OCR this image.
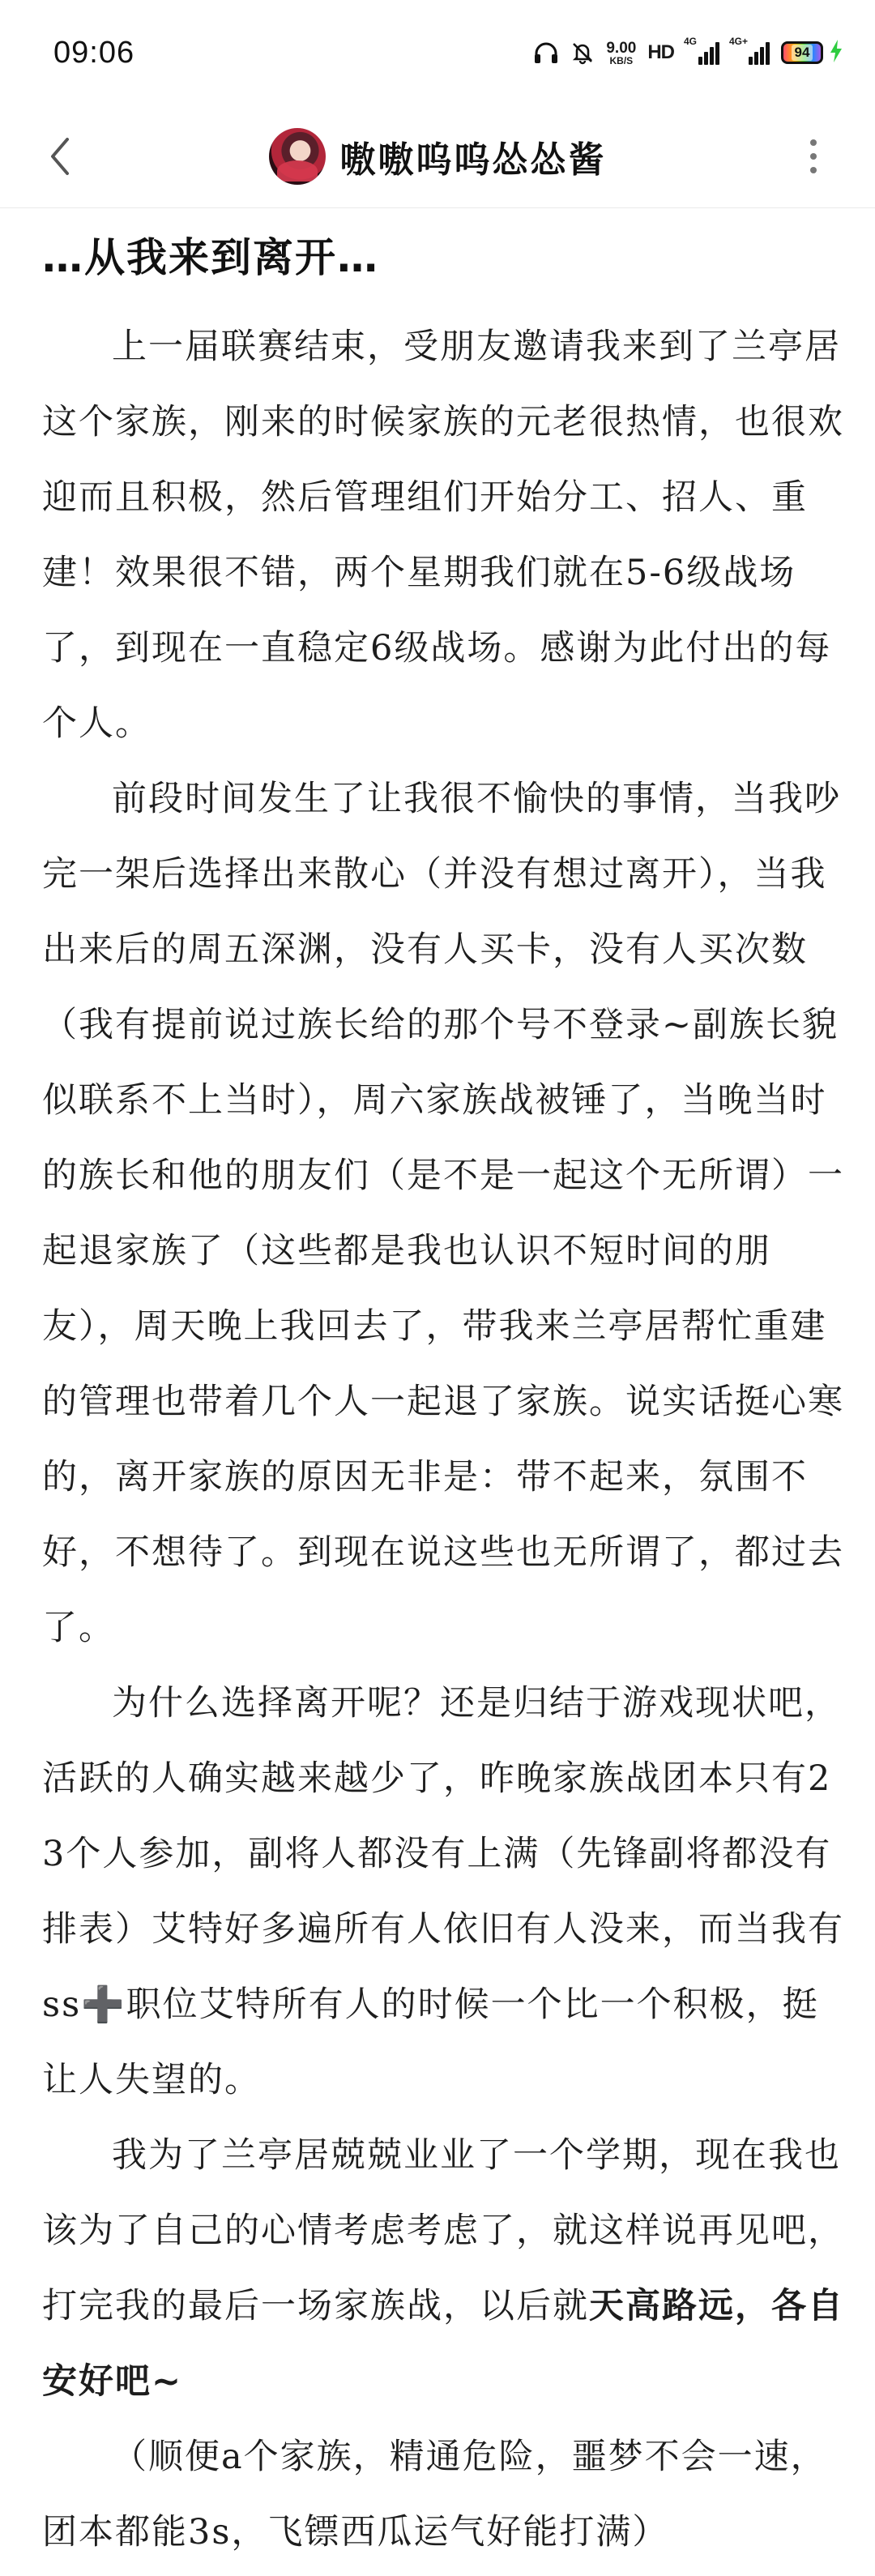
09:06	9.00
KB/S HD 4G	4G+
94
嗷嗷呜呜怂怂酱
…从我来到离开…

上一届联赛结束，受朋友邀请我来到了兰亭居这个家族，刚来的时候家族的元老很热情，也很欢迎而且积极，然后管理组们开始分工、招人、重建！效果很不错，两个星期我们就在5-6级战场了，到现在一直稳定6级战场。感谢为此付出的每个人。

前段时间发生了让我很不愉快的事情，当我吵完一架后选择出来散心（并没有想过离开），当我出来后的周五深渊，没有人买卡，没有人买次数（我有提前说过族长给的那个号不登录~副族长貌似联系不上当时），周六家族战被锤了，当晚当时的族长和他的朋友们（是不是一起这个无所谓）一起退家族了（这些都是我也认识不短时间的朋友），周天晚上我回去了，带我来兰亭居帮忙重建的管理也带着几个人一起退了家族。说实话挺心寒的，离开家族的原因无非是：带不起来，氛围不好，不想待了。到现在说这些也无所谓了，都过去了。

为什么选择离开呢？还是归结于游戏现状吧，活跃的人确实越来越少了，昨晚家族战团本只有23个人参加，副将人都没有上满（先锋副将都没有排表）艾特好多遍所有人依旧有人没来，而当我有ss➕职位艾特所有人的时候一个比一个积极，挺让人失望的。

我为了兰亭居兢兢业业了一个学期，现在我也该为了自己的心情考虑考虑了，就这样说再见吧，打完我的最后一场家族战，以后就天高路远，各自安好吧~

（顺便a个家族，精通危险，噩梦不会一速，团本都能3s，飞镖西瓜运气好能打满）
